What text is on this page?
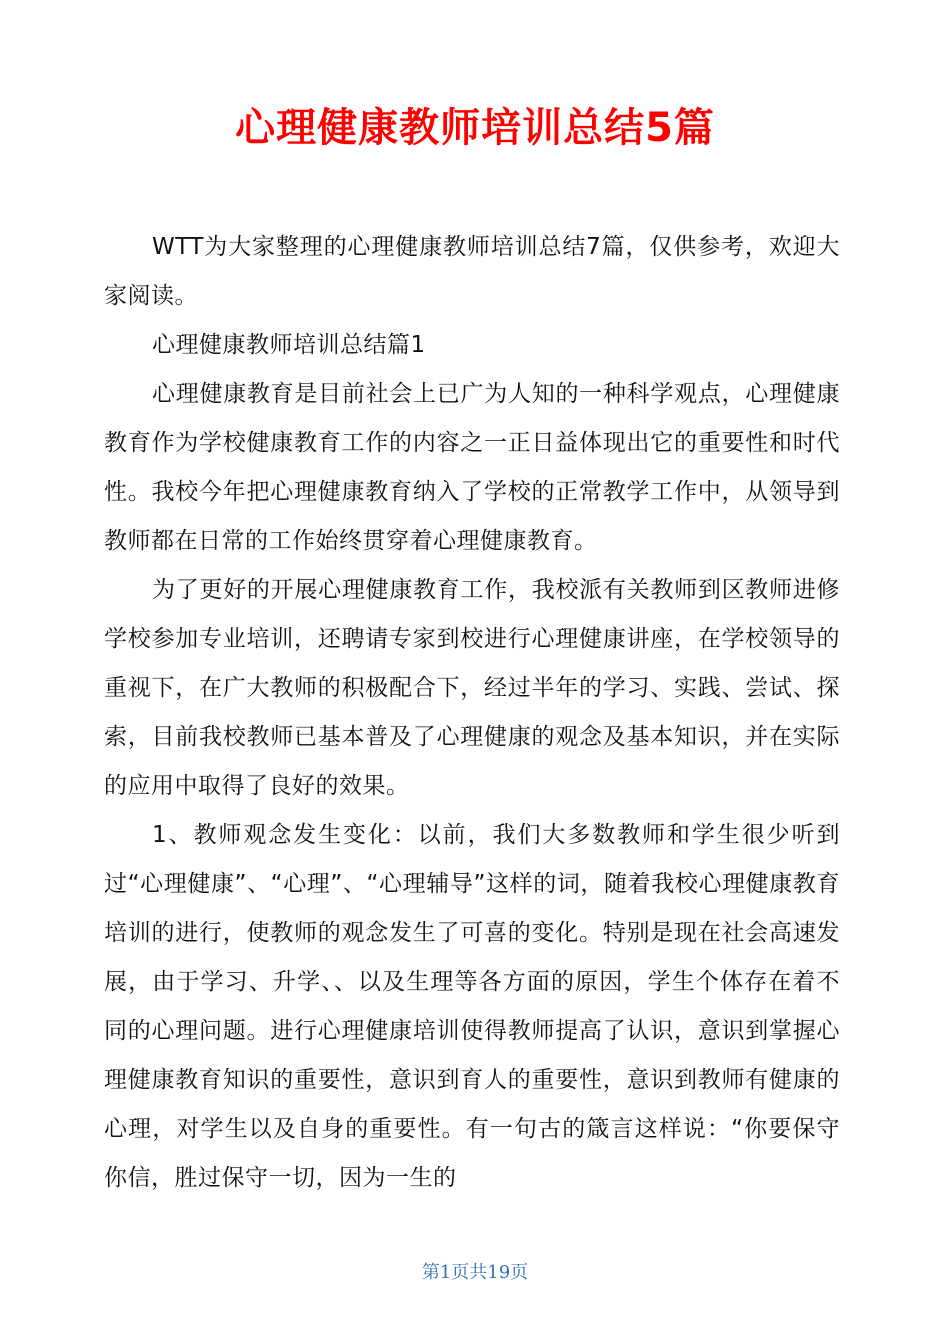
心理健康教师培训总结5篇

WTT为大家整理的心理健康教师培训总结7篇，仅供参考，欢迎大家阅读。

心理健康教师培训总结篇1

心理健康教育是目前社会上已广为人知的一种科学观点，心理健康教育作为学校健康教育工作的内容之一正日益体现出它的重要性和时代性。我校今年把心理健康教育纳入了学校的正常教学工作中，从领导到教师都在日常的工作始终贯穿着心理健康教育。

为了更好的开展心理健康教育工作，我校派有关教师到区教师进修学校参加专业培训，还聘请专家到校进行心理健康讲座，在学校领导的重视下，在广大教师的积极配合下，经过半年的学习、实践、尝试、探索，目前我校教师已基本普及了心理健康的观念及基本知识，并在实际的应用中取得了良好的效果。

1、教师观念发生变化：以前，我们大多数教师和学生很少听到过“心理健康”、“心理”、“心理辅导”这样的词，随着我校心理健康教育培训的进行，使教师的观念发生了可喜的变化。特别是现在社会高速发展，由于学习、升学、、以及生理等各方面的原因，学生个体存在着不同的心理问题。进行心理健康培训使得教师提高了认识，意识到掌握心理健康教育知识的重要性，意识到育人的重要性，意识到教师有健康的心理，对学生以及自身的重要性。有一句古的箴言这样说：“你要保守你信，胜过保守一切，因为一生的

第1页共19页
